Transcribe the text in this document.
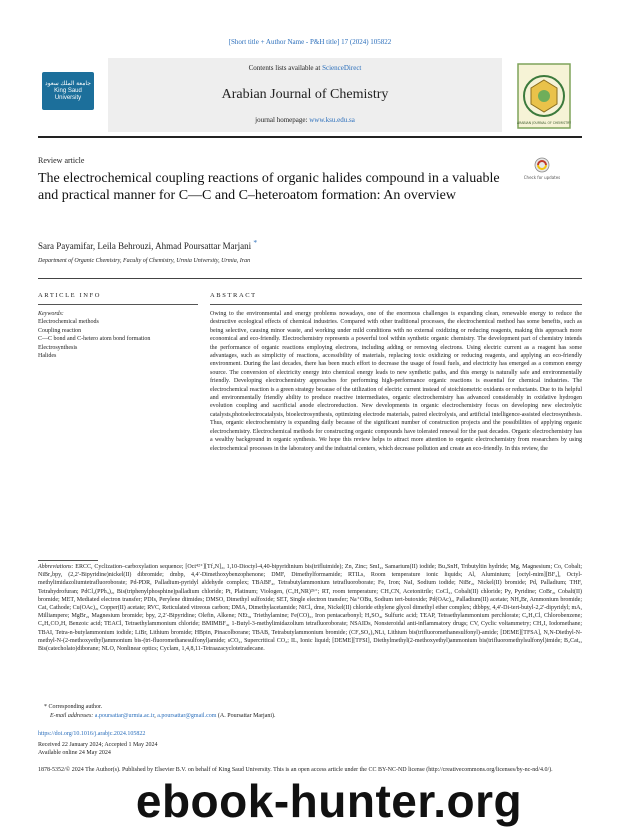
[Short title + Author Name - P&H title] 17 (2024) 105822
جامعة الملك سعود King Saud University
Contents lists available at ScienceDirect
Arabian Journal of Chemistry
journal homepage: www.ksu.edu.sa	ARABIAN JOURNAL OF CHEMISTRY
Review article
The electrochemical coupling reactions of organic halides compound in a valuable and practical manner for C—C and C–heteroatom formation: An overview
Check for updates
Sara Payamifar, Leila Behrouzi, Ahmad Poursattar Marjani *
Department of Organic Chemistry, Faculty of Chemistry, Urmia University, Urmia, Iran
ARTICLE INFO	ABSTRACT
Keywords:
Electrochemical methods
Coupling reaction
C—C bond and C-hetero atom bond formation
Electrosynthesis
Halides
Owing to the environmental and energy problems nowadays, one of the enormous challenges is expanding clean, renewable energy to reduce the destructive ecological effects of chemical industries. Compared with other traditional processes, the electrochemical method has some benefits, such as being selective, causing minor waste, and working under mild conditions with no external oxidizing or reducing reagents, making this approach more economical and eco-friendly. Electrochemistry represents a powerful tool within synthetic organic chemistry. The development part of chemistry intends the performance of organic reactions employing electrons, including adding or removing electrons. Using electric current as a reagent has some advantages, such as simplicity of reactions, accessibility of materials, replacing toxic oxidizing or reducing reagents, and applying an eco-friendly environment. During the last decades, there has been much effort to decrease the usage of fossil fuels, and electricity has emerged as a common energy source. The conversion of electricity energy into chemical energy leads to new synthetic paths, and this energy is naturally safe and environmentally friendly. Developing electrochemistry approaches for performing high-performance organic reactions is essential for chemical industries. The electrochemical reaction is a green strategy because of the utilization of electric current instead of stoichiometric oxidants or reductants. Due to its helpful and environmentally friendly ability to produce reactive intermediates, organic electrochemistry has advanced considerably in oxidative hydrogen evolution coupling and sacrificial anode electroreduction. New developments in organic electrochemistry focus on developing new electrolytic catalysts,photoelectrocatalysis, bioelectrosynthesis, optimizing electrode materials, paired electrolysis, and artificial intelligence-assisted electrosynthesis. Thus, organic electrochemistry is expanding daily because of the significant number of construction projects and the possibilities of applying organic electrochemistry. Electrochemical methods for constructing organic compounds have tolerated renewal for the past decades. Organic electrochemistry has a wealthy background in organic synthesis. We hope this review helps to attract more attention to organic electrochemistry from researchers by using electrochemical processes in the laboratory and the industrial centers, which decrease pollution and create an eco-friendly. In this review, the
Abbreviations: ERCC, Cyclization–carboxylation sequence; [Oct⁴²⁺][Tf₂N]₂, 1,10-Dioctyl-4,40-bipyridinium bis(trifluimide); Zn, Zinc; SmI₂, Samarium(II) iodide; Bu₃SnH, Tributyltin hydride; Mg, Magnesium; Co, Cobalt; NiBr₂bpy, (2,2′-Bipyridine)nickel(II) dibromide; dmbp, 4,4′-Dimethoxybenzophenone; DMF, Dimethylformamide; RTILs, Room temperature ionic liquids; Al, Aluminium; [octyl-mim][BF₄], Octyl-methylimidazoliumtetrafluoroborate; Pd-PDR, Palladium-pyridyl aldehyde complex; TBABF₄, Tetrabutylammonium tetrafluoroborate; Fe, Iron; NaI, Sodium iodide; NiBr₂, Nickel(II) bromide; Pd, Palladium; THF, Tetrahydrofuran; PdCl₂(PPh₃)₂, Bis(triphenylphosphine)palladium chloride; Pt, Platinum; Viologen, (C₅H₄NR)²ⁿ⁺; RT, room temperature; CH₃CN, Acetonitrile; CoCl₂, Cobalt(II) chloride; Py, Pyridine; CoBr₂, Cobalt(II) bromide; MET, Mediated electron transfer; PDIs, Perylene diimides; DMSO, Dimethyl sulfoxide; SET, Single electron transfer; Na⁺OBu, Sodium tert-butoxide; Pd(OAc)₂, Palladium(II) acetate; NH₄Br, Ammonium bromide; Cat, Cathode; Cu(OAc)₂, Copper(II) acetate; RVC, Reticulated vitreous carbon; DMA, Dimethylacetamide; NiCl₂ dme, Nickel(II) chloride ethylene glycol dimethyl ether complex; dtbbpy, 4,4′-Di-tert-butyl-2,2′-dipyridyl; mA, Milliampere; MgBr₂, Magnesium bromide; bpy, 2,2′-Bipyridine; Olefin, Alkene; NEt₃, Triethylamine; Fe(CO)₅, Iron pentacarbonyl; H₂SO₄, Sulfuric acid; TEAP, Tetraethylammonium perchlorate; C₆H₅Cl, Chlorobenzene; C₆H₅CO₂H, Benzoic acid; TEACl, Tetraethylammonium chloride; BMIMBF₄, 1-Butyl-3-methylimidazolium tetrafluoroborate; NSAIDs, Nonsteroidal anti-inflammatory drugs; CV, Cyclic voltammetry; CH₃I, Iodomethane; TBAI, Tetra-n-butylammonium iodide; LiBr, Lithium bromide; HBpin, Pinacolborane; TBAB, Tetrabutylammonium bromide; (CF₃SO₂)₂NLi, Lithium bis(trifluoromethanesulfonyl)-amide; [DEME][TFSA], N,N-Diethyl-N-methyl-N-(2-methoxyethyl)ammonium bis-(tri-fluoromethanesulfonyl)amide; sCO₂, Supercritical CO₂; IL, Ionic liquid; [DEME][TFSI], Diethylmethyl(2-methoxyethyl)ammonium bis(trifluoromethylsulfonyl)imide; B₂Cat₂, Bis(catecholato)diborane; NLO, Nonlinear optics; Cyclam, 1,4,8,11-Tetraazacyclotetradecane.
* Corresponding author.
E-mail addresses: a.poursattar@urmia.ac.ir, a.poursattar@gmail.com (A. Poursattar Marjani).
https://doi.org/10.1016/j.arabjc.2024.105822
Received 22 January 2024; Accepted 1 May 2024
Available online 24 May 2024
1878-5352/© 2024 The Author(s). Published by Elsevier B.V. on behalf of King Saud University. This is an open access article under the CC BY-NC-ND license (http://creativecommons.org/licenses/by-nc-nd/4.0/).
ebook-hunter.org
